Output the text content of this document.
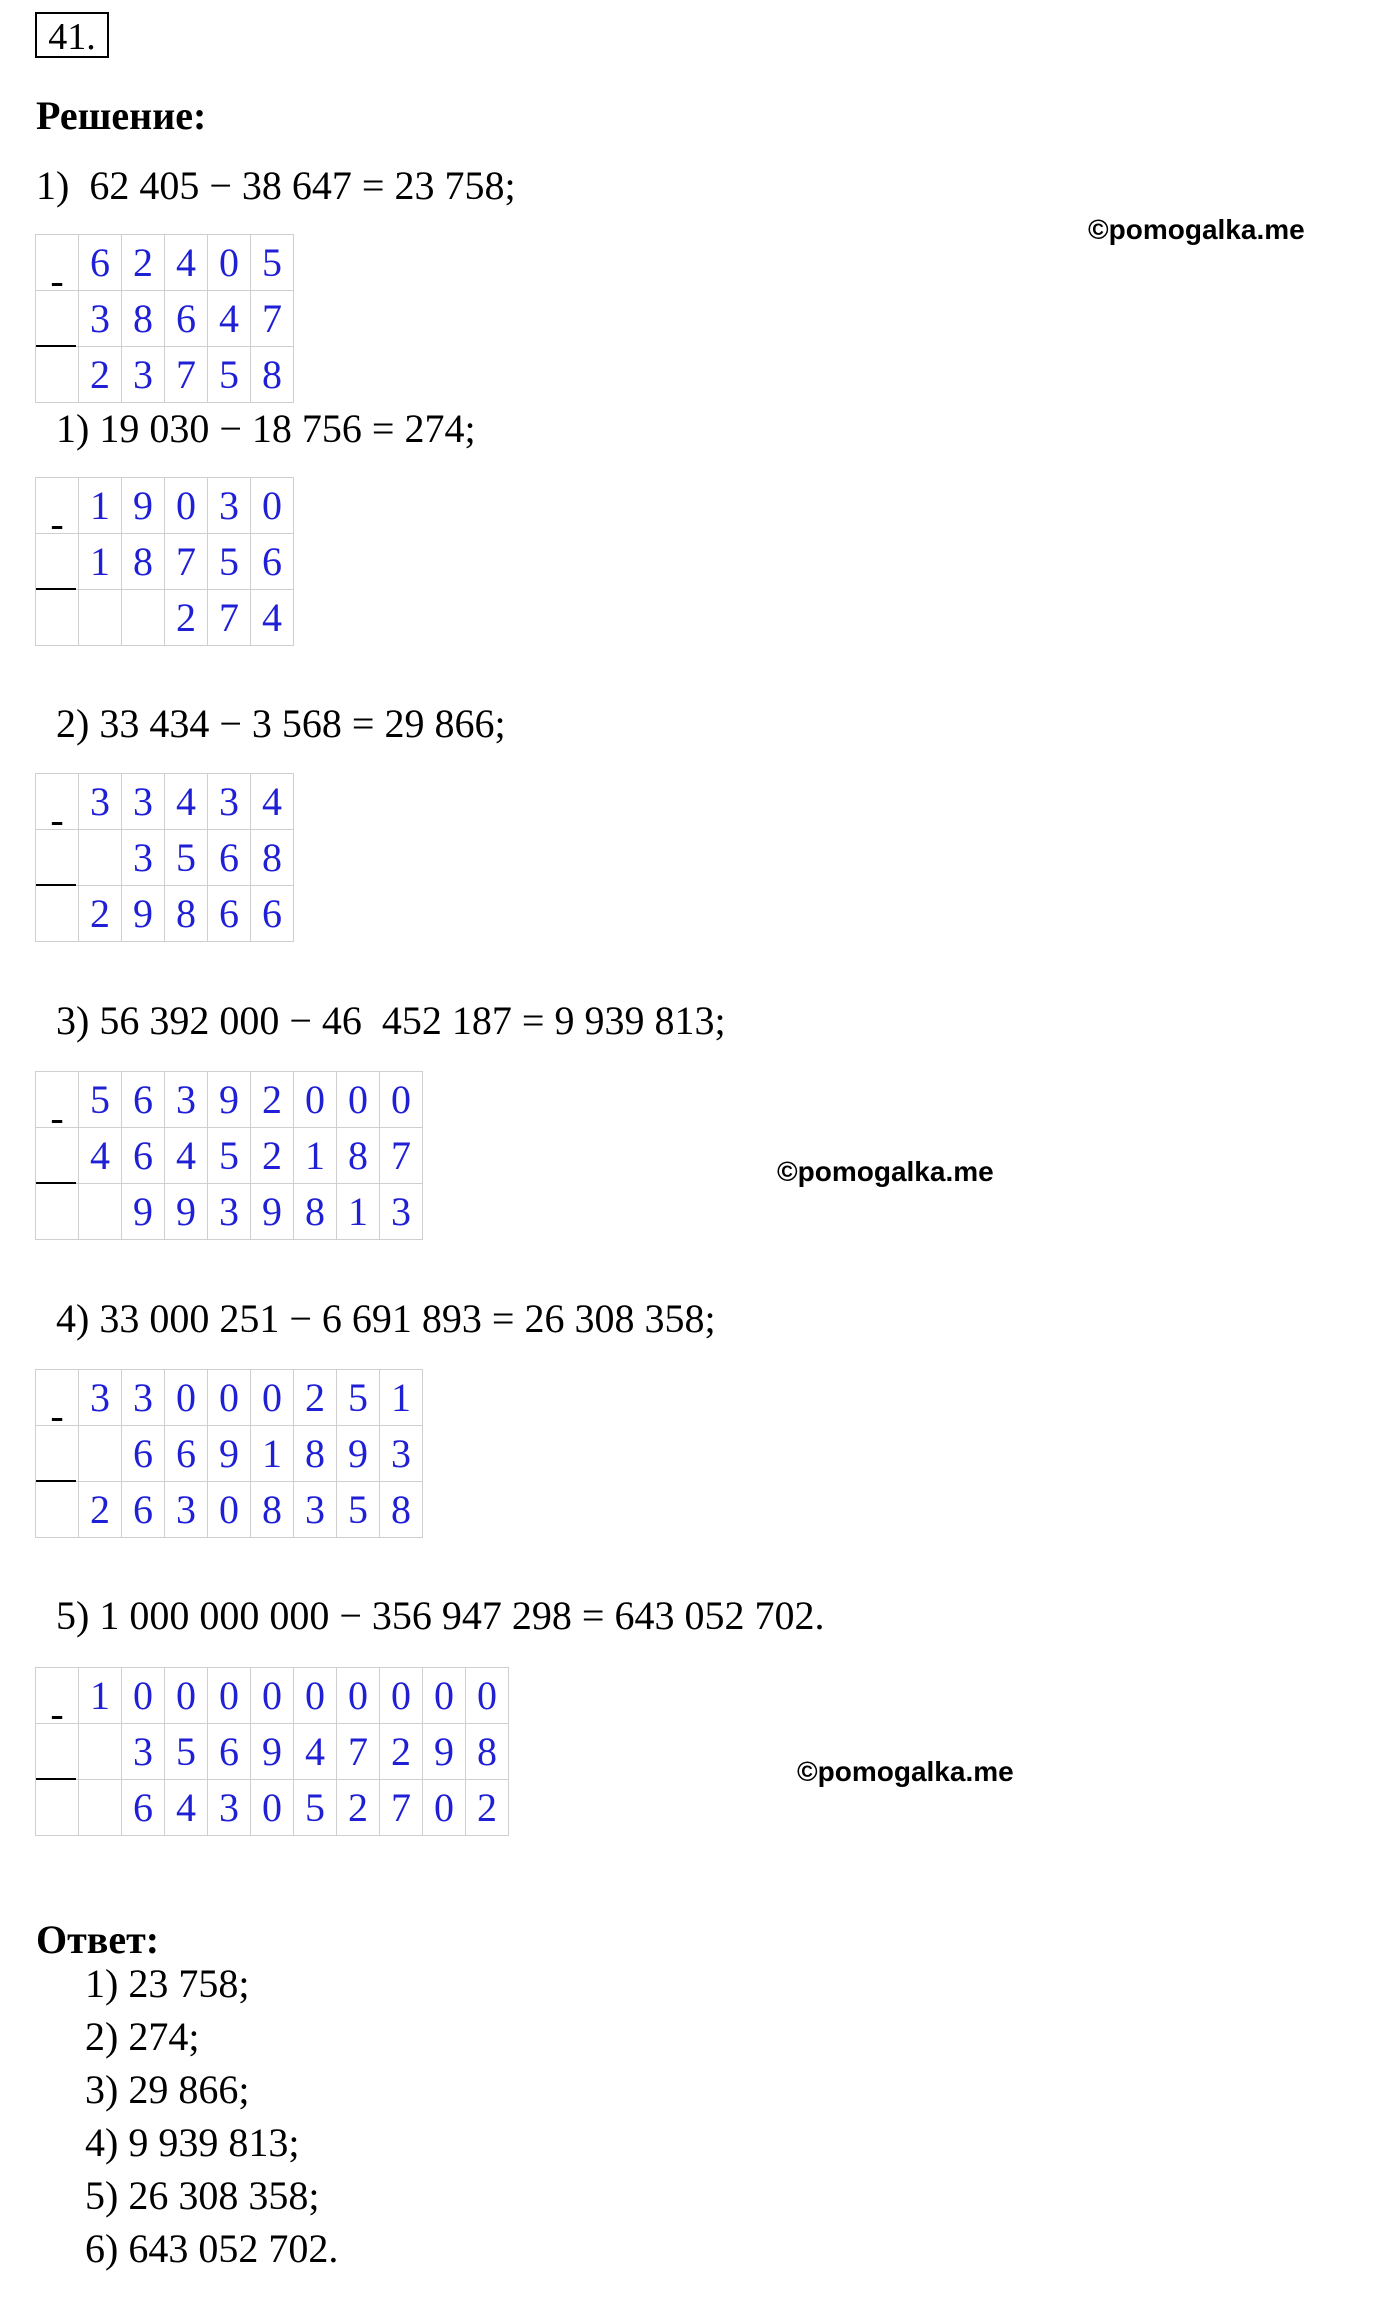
41.
Решение:
©pomogalka.me
©pomogalka.me
©pomogalka.me
1)  62 405 − 38 647 = 23 758;
-	6	2	4	0	5
	3	8	6	4	7
	2	3	7	5	8
1) 19 030 − 18 756 = 274;
-	1	9	0	3	0
	1	8	7	5	6
			2	7	4
2) 33 434 − 3 568 = 29 866;
-	3	3	4	3	4
		3	5	6	8
	2	9	8	6	6
3) 56 392 000 − 46  452 187 = 9 939 813;
-	5	6	3	9	2	0	0	0
	4	6	4	5	2	1	8	7
		9	9	3	9	8	1	3
4) 33 000 251 − 6 691 893 = 26 308 358;
-	3	3	0	0	0	2	5	1
		6	6	9	1	8	9	3
	2	6	3	0	8	3	5	8
5) 1 000 000 000 − 356 947 298 = 643 052 702.
-	1	0	0	0	0	0	0	0	0	0
		3	5	6	9	4	7	2	9	8
		6	4	3	0	5	2	7	0	2
Ответ:
1) 23 758;
2) 274;
3) 29 866;
4) 9 939 813;
5) 26 308 358;
6) 643 052 702.
